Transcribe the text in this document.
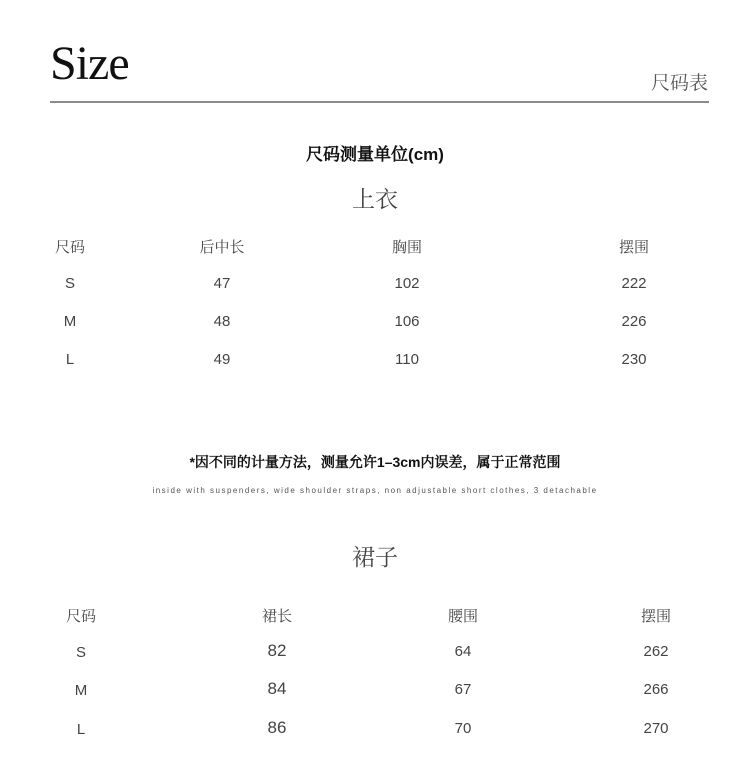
Size	尺码表
尺码测量单位(cm)
上衣
尺码	后中长	胸围	摆围
S	47	102	222
M	48	106	226
L	49	110	230
*因不同的计量方法，测量允许1–3cm内误差，属于正常范围
inside with suspenders, wide shoulder straps, non adjustable short clothes, 3 detachable
裙子
尺码	裙长	腰围	摆围
S	82	64	262
M	84	67	266
L	86	70	270
